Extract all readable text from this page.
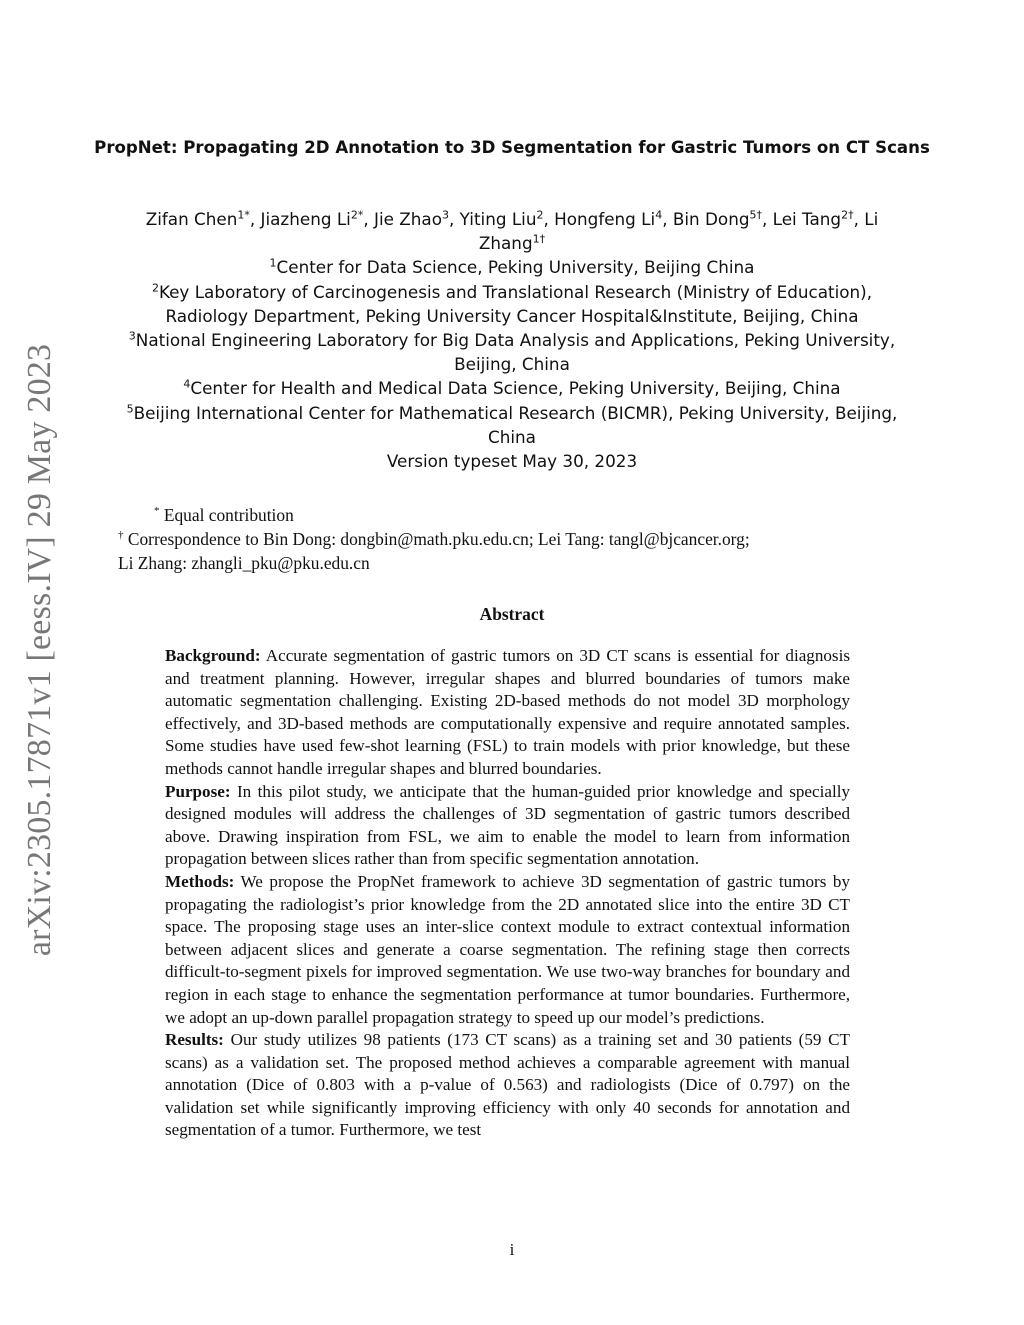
arXiv:2305.17871v1 [eess.IV] 29 May 2023
PropNet: Propagating 2D Annotation to 3D Segmentation for Gastric Tumors on CT Scans
Zifan Chen$^{1*}$, Jiazheng $Li^{2*}$, Jie Zhao$^3$, Yiting Liu$^2$, Hongfeng Li$^4$, Bin Dong$^{5\dagger}$, Lei Tang$^{2\dagger}$, Li Zhang$^{1\dagger}$
$^1$Center for Data Science, Peking University, Beijing China
$^2$Key Laboratory of Carcinogenesis and Translational Research (Ministry of Education),
Radiology Department, Peking University Cancer Hospital&Institute, Beijing, China
$^3$National Engineering Laboratory for Big Data Analysis and Applications, Peking University,
Beijing, China
$^4$Center for Health and Medical Data Science, Peking University, Beijing, China
$^5$Beijing International Center for Mathematical Research (BICMR), Peking University, Beijing,
China
Version typeset May 30, 2023
* Equal contribution
† Correspondence to Bin Dong: dongbin@math.pku.edu.cn; Lei Tang: tangl@bjcancer.org;
Li Zhang: zhangli_pku@pku.edu.cn
Abstract

Background: Accurate segmentation of gastric tumors on 3D CT scans is essential for diagnosis and treatment planning. However, irregular shapes and blurred boundaries of tumors make automatic segmentation challenging. Existing 2D-based methods do not model 3D morphology effectively, and 3D-based methods are computationally expensive and require annotated samples. Some studies have used few-shot learning (FSL) to train models with prior knowledge, but these methods cannot handle irregular shapes and blurred boundaries.

Purpose: In this pilot study, we anticipate that the human-guided prior knowledge and specially designed modules will address the challenges of 3D segmentation of gastric tumors described above. Drawing inspiration from FSL, we aim to enable the model to learn from information propagation between slices rather than from specific segmentation annotation.

Methods: We propose the PropNet framework to achieve 3D segmentation of gastric tumors by propagating the radiologist’s prior knowledge from the 2D annotated slice into the entire 3D CT space. The proposing stage uses an inter-slice context module to extract contextual information between adjacent slices and generate a coarse segmentation. The refining stage then corrects difficult-to-segment pixels for improved segmentation. We use two-way branches for boundary and region in each stage to enhance the segmentation performance at tumor boundaries. Furthermore, we adopt an up-down parallel propagation strategy to speed up our model’s predictions.

Results: Our study utilizes 98 patients (173 CT scans) as a training set and 30 patients (59 CT scans) as a validation set. The proposed method achieves a comparable agreement with manual annotation (Dice of 0.803 with a p-value of 0.563) and radiologists (Dice of 0.797) on the validation set while significantly improving efficiency with only 40 seconds for annotation and segmentation of a tumor. Furthermore, we test

i
